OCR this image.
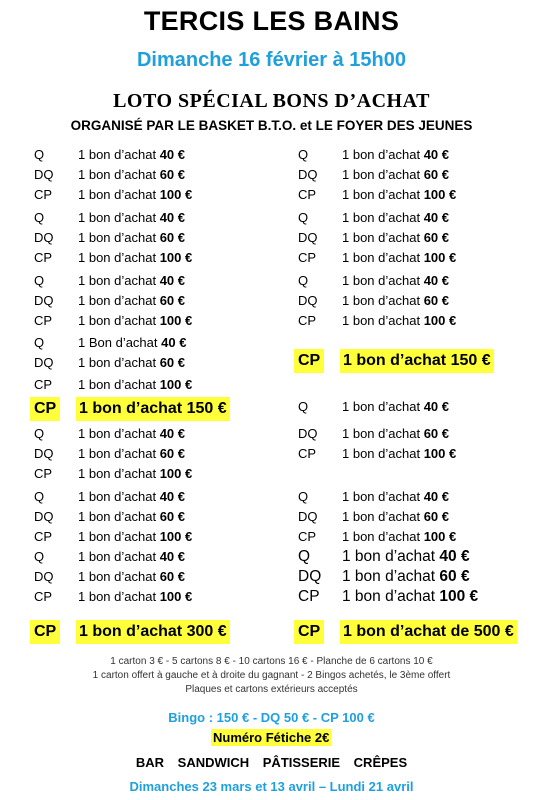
TERCIS LES BAINS
Dimanche 16 février à 15h00
LOTO SPÉCIAL BONS D’ACHAT
ORGANISÉ PAR LE BASKET B.T.O. et LE FOYER DES JEUNES
Q	1 bon d’achat 40 €
DQ 1 bon d’achat 60 €
CP 1 bon d’achat 100 €
Q	1 bon d’achat 40 €
DQ 1 bon d’achat 60 €
CP 1 bon d’achat 100 €
Q	1 bon d’achat 40 €
DQ 1 bon d’achat 60 €
CP 1 bon d’achat 100 €
Q	1 Bon d’achat 40 €
DQ 1 bon d’achat 60 €
CP 1 bon d’achat 100 €
Q	1 bon d’achat 40 €
DQ 1 bon d’achat 60 €
CP 1 bon d’achat 100 €
Q	1 bon d’achat 40 €
DQ 1 bon d’achat 60 €
CP 1 bon d’achat 100 €
Q	1 bon d’achat 40 €
DQ 1 bon d’achat 60 €
CP 1 bon d’achat 100 €
Q	1 bon d’achat 40 €
DQ 1 bon d’achat 60 €
CP 1 bon d’achat 100 €
Q	1 bon d’achat 40 €
DQ 1 bon d’achat 60 €
CP 1 bon d’achat 100 €
Q	1 bon d’achat 40 €
DQ 1 bon d’achat 60 €
CP 1 bon d’achat 100 €
Q	1 bon d’achat 40 €
DQ 1 bon d’achat 60 €
CP 1 bon d’achat 100 €
Q	1 bon d’achat 40 €
DQ 1 bon d’achat 60 €
CP 1 bon d’achat 100 €
Q 1 bon d’achat 40 €
DQ 1 bon d’achat 60 €
CP 1 bon d’achat 100 €
CP 1 bon d’achat 150 €
CP 1 bon d’achat 150 €
CP 1 bon d’achat 300 €	CP 1 bon d’achat de 500 €
1 carton 3 € - 5 cartons 8 € - 10 cartons 16 € - Planche de 6 cartons 10 €
1 carton offert à gauche et à droite du gagnant - 2 Bingos achetés, le 3ème offert
Plaques et cartons extérieurs acceptés
Bingo : 150 € - DQ 50 € - CP 100 €
Numéro Fétiche 2€
BAR SANDWICH PÂTISSERIE CRÊPES
Dimanches 23 mars et 13 avril – Lundi 21 avril
